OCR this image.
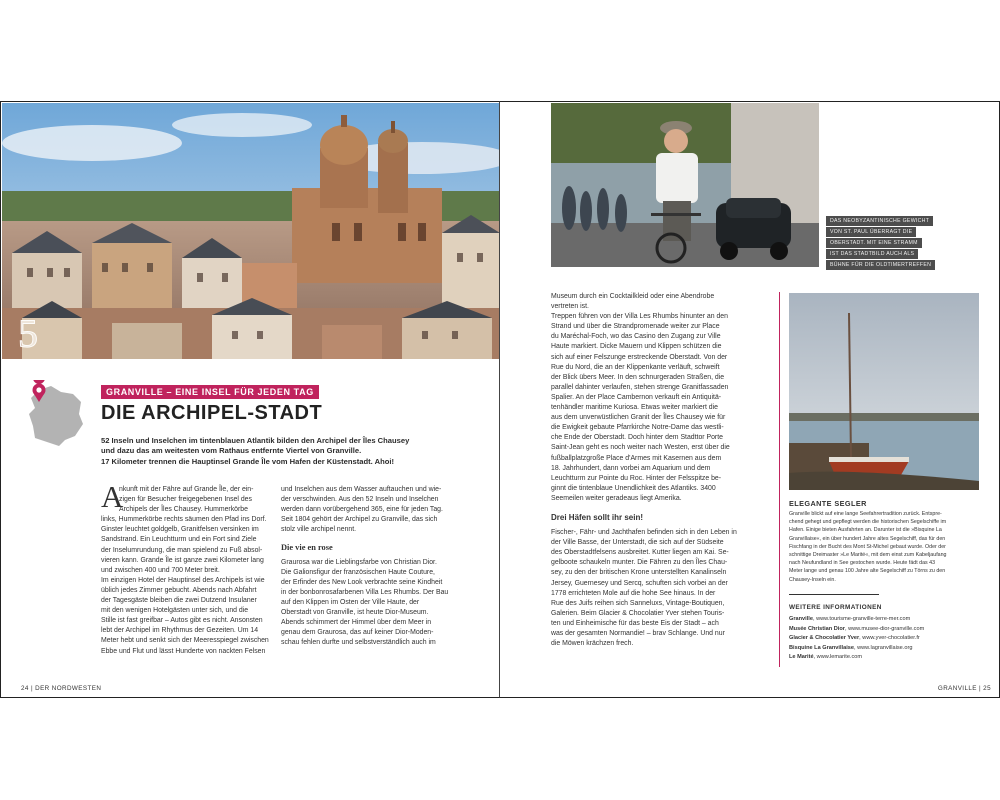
5
GRANVILLE – EINE INSEL FÜR JEDEN TAG
DIE ARCHIPEL-STADT

52 Inseln und Inselchen im tintenblauen Atlantik bilden den Archipel der Îles Chausey

und dazu das am weitesten vom Rathaus entfernte Viertel von Granville.

17 Kilometer trennen die Hauptinsel Grande Île vom Hafen der Küstenstadt. Ahoi!

A

nkunft mit der Fähre auf Grande Île, der ein-

zigen für Besucher freigegebenen Insel des

Archipels der Îles Chausey. Hummerkörbe

links, Hummerkörbe rechts säumen den Pfad ins Dorf.

Ginster leuchtet goldgelb, Granitfelsen versinken im

Sandstrand. Ein Leuchtturm und ein Fort sind Ziele

der Inselumrundung, die man spielend zu Fuß absol-

vieren kann. Grande Île ist ganze zwei Kilometer lang

und zwischen 400 und 700 Meter breit.

Im einzigen Hotel der Hauptinsel des Archipels ist wie

üblich jedes Zimmer gebucht. Abends nach Abfahrt

der Tagesgäste bleiben die zwei Dutzend Insulaner

mit den wenigen Hotelgästen unter sich, und die

Stille ist fast greifbar – Autos gibt es nicht. Ansonsten

lebt der Archipel im Rhythmus der Gezeiten. Um 14

Meter hebt und senkt sich der Meeresspiegel zwischen

Ebbe und Flut und lässt Hunderte von nackten Felsen

und Inselchen aus dem Wasser auftauchen und wie-

der verschwinden. Aus den 52 Inseln und Inselchen

werden dann vorübergehend 365, eine für jeden Tag.

Seit 1804 gehört der Archipel zu Granville, das sich

stolz ville archipel nennt.

Die vie en rose

Graurosa war die Lieblingsfarbe von Christian Dior.

Die Galionsfigur der französischen Haute Couture,

der Erfinder des New Look verbrachte seine Kindheit

in der bonbonrosafarbenen Villa Les Rhumbs. Der Bau

auf den Klippen im Osten der Ville Haute, der

Oberstadt von Granville, ist heute Dior-Museum.

Abends schimmert der Himmel über dem Meer in

genau dem Graurosa, das auf keiner Dior-Moden-

schau fehlen durfte und selbstverständlich auch im

24 | DER NORDWESTEN
DAS NEOBYZANTINISCHE GEWICHT
VON ST. PAUL ÜBERRAGT DIE
OBERSTADT. MIT EINE STRAMM
IST DAS STADTBILD AUCH ALS
BÜHNE FÜR DIE OLDTIMERTREFFEN

Museum durch ein Cocktailkleid oder eine Abendrobe

vertreten ist.

Treppen führen von der Villa Les Rhumbs hinunter an den

Strand und über die Strandpromenade weiter zur Place

du Maréchal-Foch, wo das Casino den Zugang zur Ville

Haute markiert. Dicke Mauern und Klippen schützen die

sich auf einer Felszunge erstreckende Oberstadt. Von der

Rue du Nord, die an der Klippenkante verläuft, schweift

der Blick übers Meer. In den schnurgeraden Straßen, die

parallel dahinter verlaufen, stehen strenge Granitfassaden

Spalier. An der Place Cambernon verkauft ein Antiquitä-

tenhändler maritime Kuriosa. Etwas weiter markiert die

aus dem unverwüstlichen Granit der Îles Chausey wie für

die Ewigkeit gebaute Pfarrkirche Notre-Dame das westli-

che Ende der Oberstadt. Doch hinter dem Stadttor Porte

Saint-Jean geht es noch weiter nach Westen, erst über die

fußballplatzgroße Place d'Armes mit Kasernen aus dem

18. Jahrhundert, dann vorbei am Aquarium und dem

Leuchtturm zur Pointe du Roc. Hinter der Felsspitze be-

ginnt die tintenblaue Unendlichkeit des Atlantiks. 3400

Seemeilen weiter geradeaus liegt Amerika.

Drei Häfen sollt ihr sein!

Fischer-, Fähr- und Jachthafen befinden sich in den Leben in

der Ville Basse, der Unterstadt, die sich auf der Südseite

des Oberstadtfelsens ausbreitet. Kutter liegen am Kai. Se-

gelboote schaukeln munter. Die Fähren zu den Îles Chau-

sey, zu den der britischen Krone unterstellten Kanalinseln

Jersey, Guernesey und Sercq, schuften sich vorbei an der

1778 errichteten Mole auf die hohe See hinaus. In der

Rue des Juifs reihen sich Sanneluxs, Vintage-Boutiquen,

Galerien. Beim Glacier & Chocolatier Yver stehen Touris-

ten und Einheimische für das beste Eis der Stadt – ach

was der gesamten Normandie! – brav Schlange. Und nur

die Möwen krächzen frech.

ELEGANTE SEGLER

Granville blickt auf eine lange Seefahrertradition zurück. Entspre-

chend gehegt und gepflegt werden die historischen Segelschiffe im

Hafen. Einige bieten Ausfahrten an. Darunter ist die »Bisquine La

Granvillaise«, ein über hundert Jahre altes Segelschiff, das für den

Fischfang in der Bucht des Mont St-Michel gebaut wurde. Oder der

schnittige Dreimaster »Le Marité«, mit dem einst zum Kabeljaufang

nach Neufundland in See gestochen wurde. Heute fädt das 43

Meter lange und genau 100 Jahre alte Segelschiff zu Törns zu den

Chausey-Inseln ein.

WEITERE INFORMATIONEN
Granville, www.tourisme-granville-terre-mer.com
Musée Christian Dior, www.musee-dior-granville.com
Glacier & Chocolatier Yver, www.yver-chocolatier.fr
Bisquine La Granvillaise, www.lagranvillaise.org
Le Marité, www.lemarite.com
GRANVILLE | 25
